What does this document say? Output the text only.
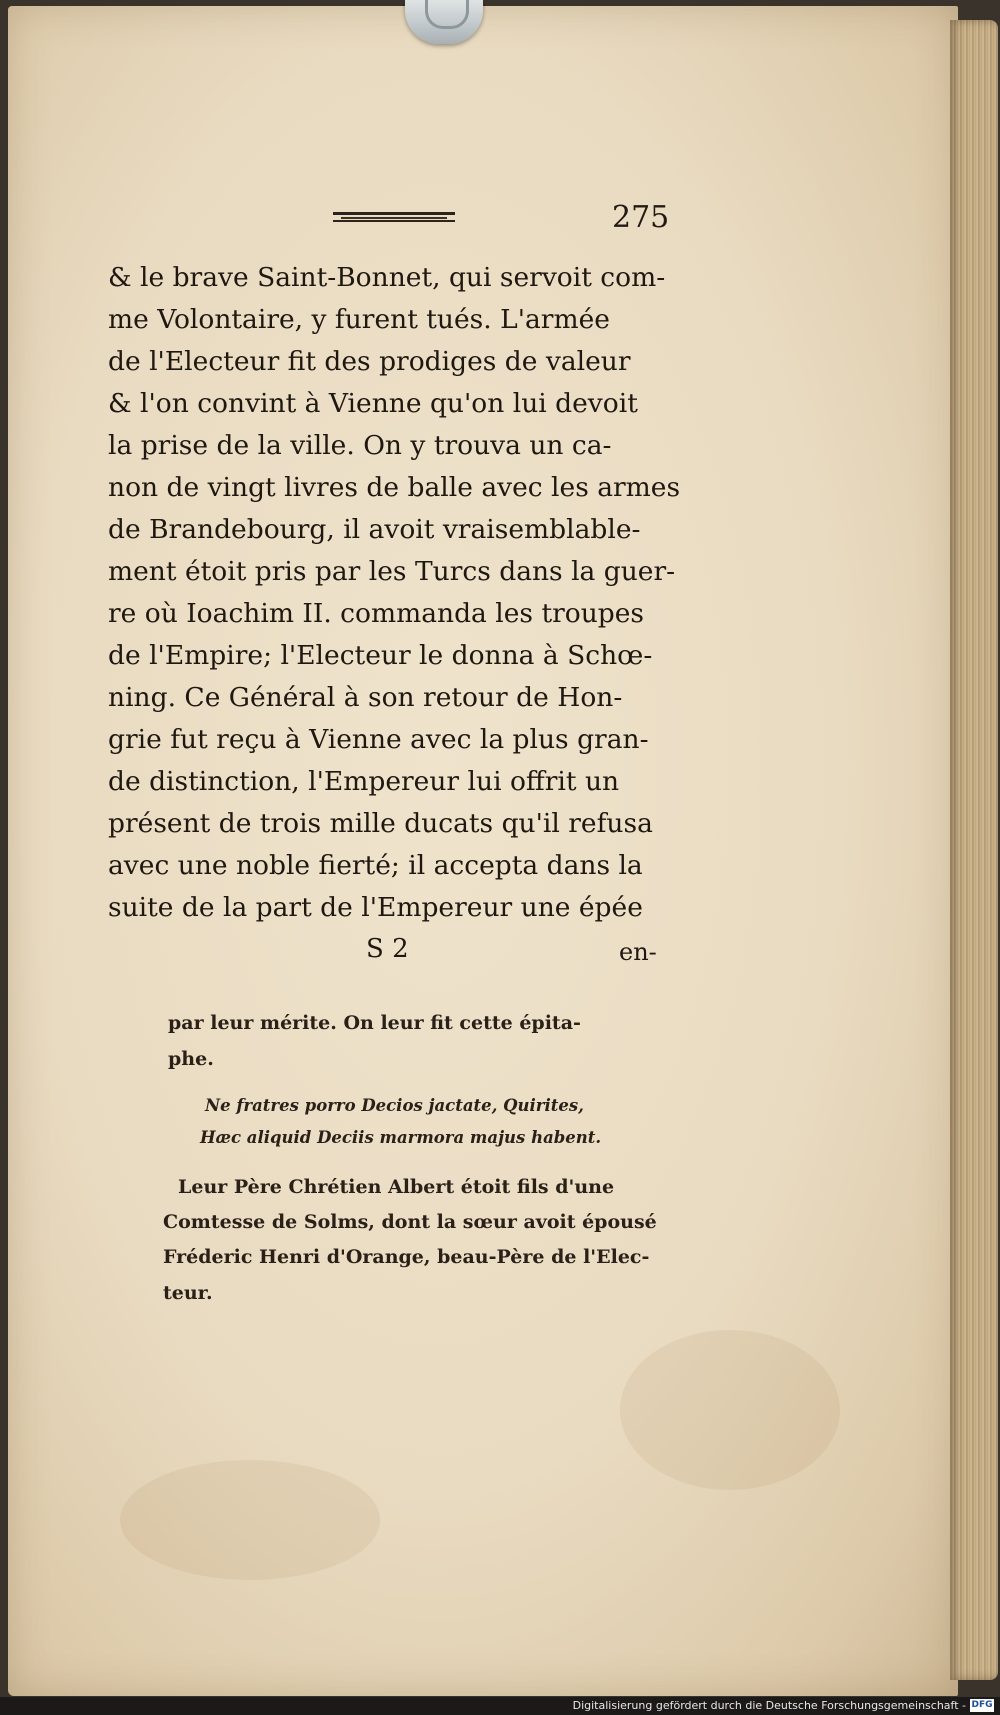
275
& le brave Saint-Bonnet, qui servoit com-
me Volontaire, y furent tués. L'armée
de l'Electeur fit des prodiges de valeur
& l'on convint à Vienne qu'on lui devoit
la prise de la ville. On y trouva un ca-
non de vingt livres de balle avec les armes
de Brandebourg, il avoit vraisemblable-
ment étoit pris par les Turcs dans la guer-
re où Ioachim II. commanda les troupes
de l'Empire; l'Electeur le donna à Schœ-
ning. Ce Général à son retour de Hon-
grie fut reçu à Vienne avec la plus gran-
de distinction, l'Empereur lui offrit un
présent de trois mille ducats qu'il refusa
avec une noble fierté; il accepta dans la
suite de la part de l'Empereur une épée
S 2	en-
par leur mérite. On leur fit cette épita-
phe.
Ne fratres porro Decios jactate, Quirites,
Hæc aliquid Deciis marmora majus habent.
Leur Père Chrétien Albert étoit fils d'une
Comtesse de Solms, dont la sœur avoit épousé
Fréderic Henri d'Orange, beau-Père de l'Elec-
teur.
Digitalisierung gefördert durch die Deutsche Forschungsgemeinschaft - DFG
